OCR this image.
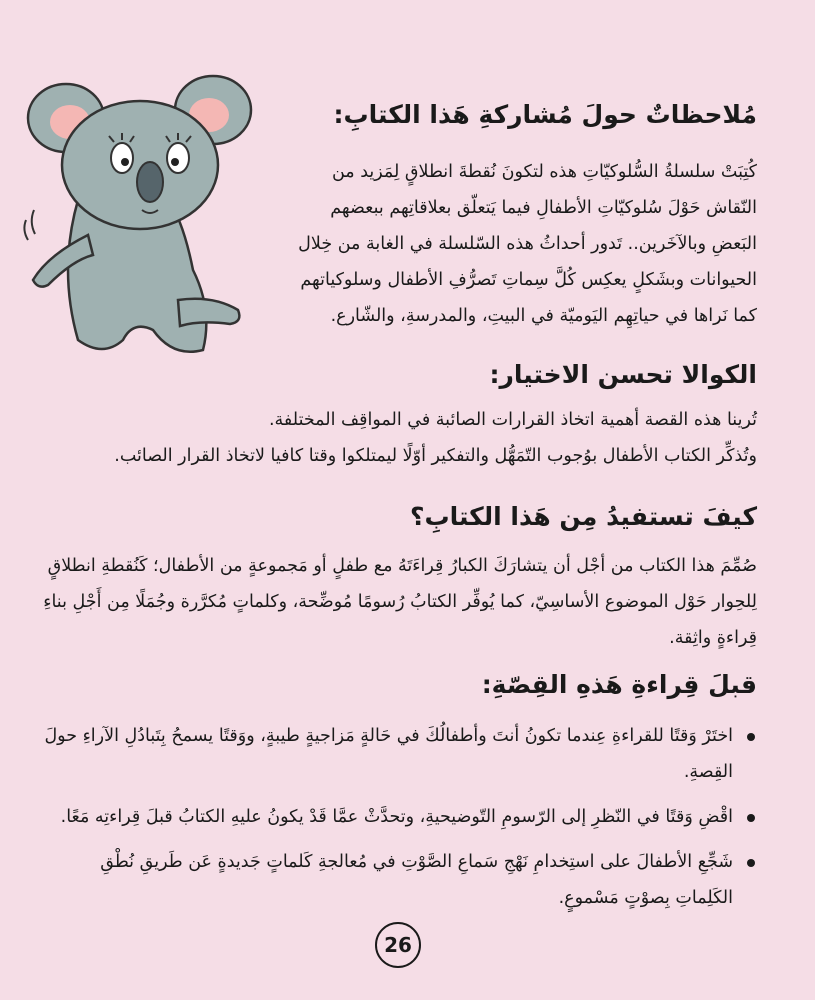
مُلاحظاتٌ حولَ مُشاركةِ هَذا الكتابِ:
كُتِبَتْ سلسلةُ السُّلوكيّاتِ هذه لتكونَ نُقطةَ انطلاقٍ لِمَزيد من
النّقاش حَوْلَ سُلوكيّاتِ الأطفالِ فيما يَتعلّق بعلاقاتِهم ببعضهم
البَعضِ وبالآخَرين.. تَدور أحداثُ هذه السّلسلة في الغابة من خِلال
الحيوانات وبشَكلٍ يعكِس كُلَّ سِماتِ تَصرُّفِ الأطفال وسلوكياتهم
كما نَراها في حياتِهِم اليَوميّة في البيتِ، والمدرسةِ، والشّارع.
الكوالا تحسن الاختيار:
تُرينا هذه القصة أهمية اتخاذ القرارات الصائبة في المواقِف المختلفة.
وتُذكِّر الكتاب الأطفال بوُجوب التّمَهُّل والتفكير أوّلًا ليمتلكوا وقتا كافيا لاتخاذ القرار الصائب.
كيفَ تستفيدُ مِن هَذا الكتابِ؟
صُمِّمَ هذا الكتاب من أجْل أن يتشارَكَ الكبارُ قِراءَتَهُ مع طفلٍ أو مَجموعةٍ من الأطفال؛ كَنُقطةِ انطلاقٍ
لِلحِوار حَوْل الموضوع الأساسِيّ، كما يُوفِّر الكتابُ رُسومًا مُوضِّحة، وكلماتٍ مُكرَّرة وجُمَلًا مِن أَجْلِ بناءِ
قِراءةٍ واثِقة.
قبلَ قِراءةِ هَذهِ القِصّةِ:
اختَرْ وَقتًا للقراءةِ عِندما تكونُ أنتَ وأطفالُكَ في حَالةٍ مَزاجيةٍ طيبةٍ، ووَقتًا يسمحُ بِتَبادُلِ الآراءِ حولَ القِصةِ.
اقْضِ وَقتًا في النّظرِ إلى الرّسومِ التّوضيحيةِ، وتحدَّثْ عمَّا قَدْ يكونُ عليهِ الكتابُ قبلَ قِراءتِه مَعًا.
شَجِّعِ الأطفالَ على استِخدامِ نَهْجِ سَماعِ الصَّوْتِ في مُعالجةِ كَلماتٍ جَديدةٍ عَن طَريقِ نُطْقِ
الكَلِماتِ بِصوْتٍ مَسْموعٍ.
26
